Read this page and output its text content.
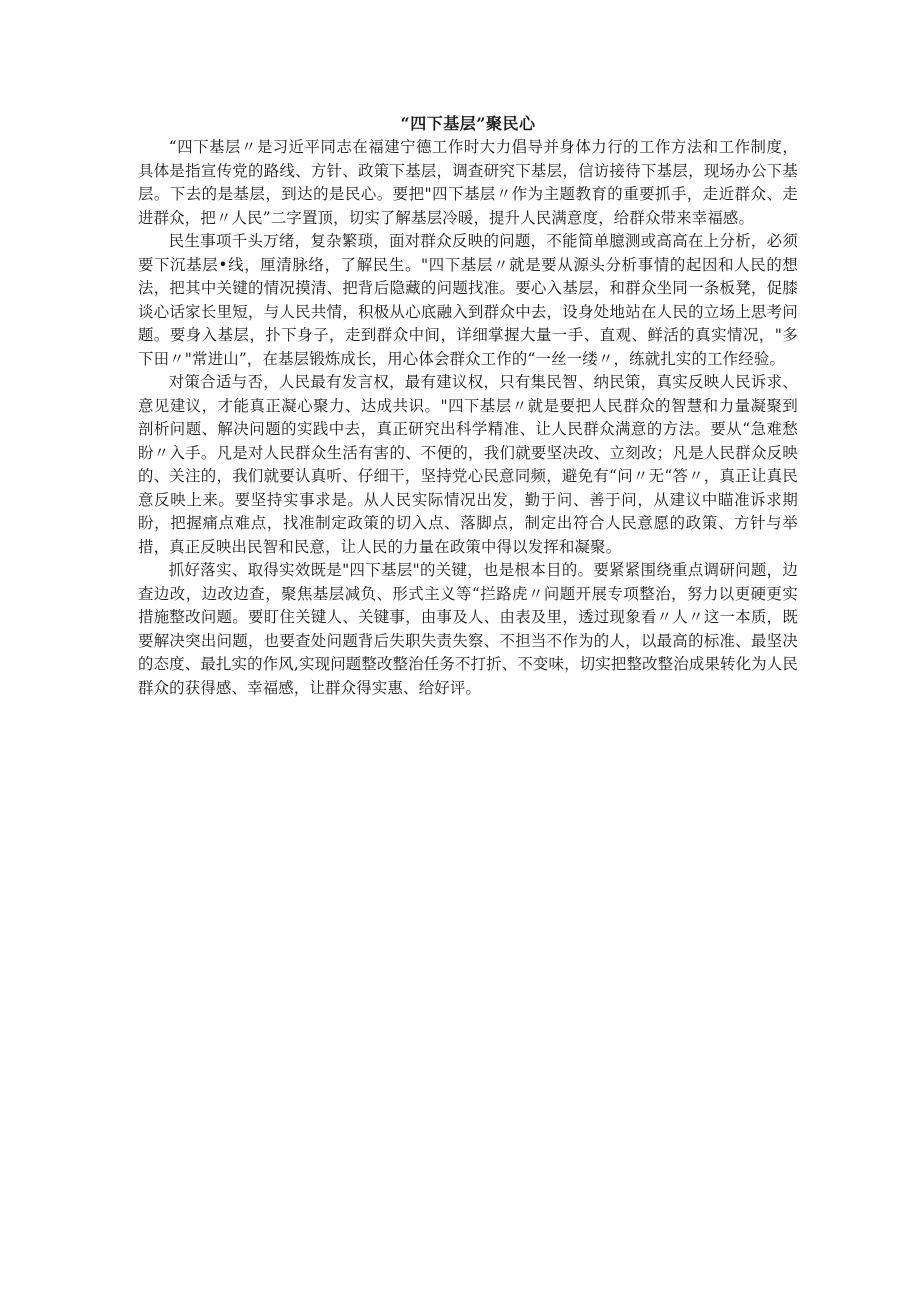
“四下基层”聚民心

“四下基层〃是习近平同志在福建宁德工作时大力倡导并身体力行的工作方法和工作制度，具体是指宣传党的路线、方针、政策下基层，调查研究下基层，信访接待下基层，现场办公下基层。下去的是基层，到达的是民心。要把"四下基层〃作为主题教育的重要抓手，走近群众、走进群众，把〃人民”二字置顶，切实了解基层冷暖，提升人民满意度，给群众带来幸福感。

民生事项千头万绪，复杂繁琐，面对群众反映的问题，不能简单臆测或高高在上分析，必须要下沉基层•线，厘清脉络，了解民生。"四下基层〃就是要从源头分析事情的起因和人民的想法，把其中关键的情况摸清、把背后隐藏的问题找准。要心入基层，和群众坐同一条板凳，促膝谈心话家长里短，与人民共情，积极从心底融入到群众中去，设身处地站在人民的立场上思考问题。要身入基层，扑下身子，走到群众中间，详细掌握大量一手、直观、鲜活的真实情况，"多下田〃"常进山”，在基层锻炼成长，用心体会群众工作的“一丝一缕〃，练就扎实的工作经验。

对策合适与否，人民最有发言权，最有建议权，只有集民智、纳民策，真实反映人民诉求、意见建议，才能真正凝心聚力、达成共识。"四下基层〃就是要把人民群众的智慧和力量凝聚到剖析问题、解决问题的实践中去，真正研究出科学精准、让人民群众满意的方法。要从“急难愁盼〃入手。凡是对人民群众生活有害的、不便的，我们就要坚决改、立刻改；凡是人民群众反映的、关注的，我们就要认真听、仔细干，坚持党心民意同频，避免有“问〃无“答〃，真正让真民意反映上来。要坚持实事求是。从人民实际情况出发，勤于问、善于问，从建议中瞄准诉求期盼，把握痛点难点，找准制定政策的切入点、落脚点，制定出符合人民意愿的政策、方针与举措，真正反映出民智和民意，让人民的力量在政策中得以发挥和凝聚。

抓好落实、取得实效既是"四下基层"的关键，也是根本目的。要紧紧围绕重点调研问题，边查边改，边改边查，聚焦基层减负、形式主义等“拦路虎〃问题开展专项整治，努力以更硬更实措施整改问题。要盯住关键人、关键事，由事及人、由表及里，透过现象看〃人〃这一本质，既要解决突出问题，也要查处问题背后失职失责失察、不担当不作为的人，以最高的标准、最坚决的态度、最扎实的作风,实现问题整改整治任务不打折、不变味，切实把整改整治成果转化为人民群众的获得感、幸福感，让群众得实惠、给好评。
